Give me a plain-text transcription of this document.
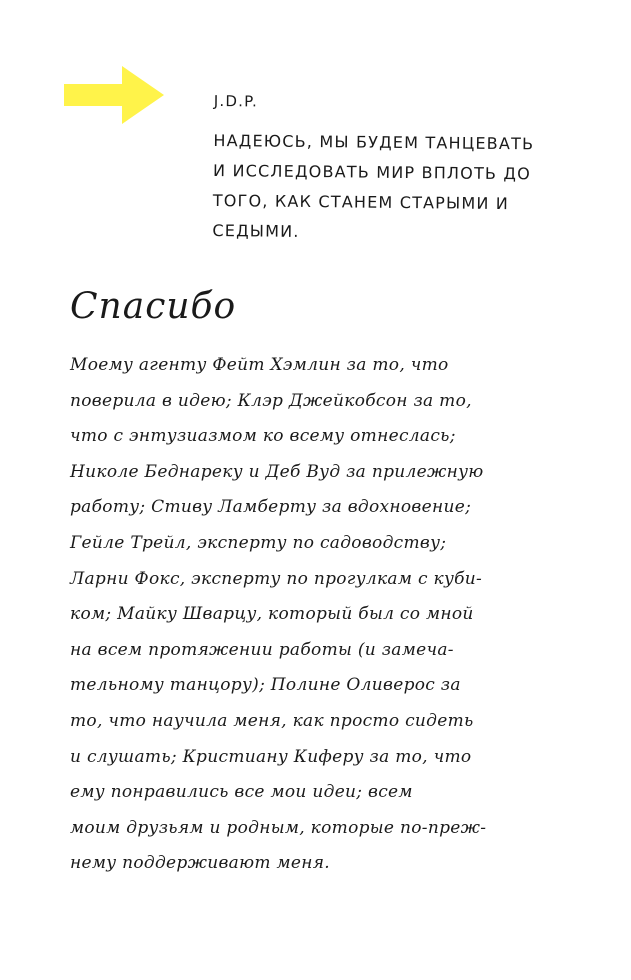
J.D.P.
НАДЕЮСЬ, МЫ БУДЕМ ТАНЦЕВАТЬ
И ИССЛЕДОВАТЬ МИР ВПЛОТЬ ДО
ТОГО, КАК СТАНЕМ СТАРЫМИ И
СЕДЫМИ.
Спасибо

Моему агенту Фейт Хэмлин за то, что
поверила в идею; Клэр Джейкобсон за то,
что с энтузиазмом ко всему отнеслась;
Николе Беднареку и Деб Вуд за прилежную
работу; Стиву Ламберту за вдохновение;
Гейле Трейл, эксперту по садоводству;
Ларни Фокс, эксперту по прогулкам с куби-
ком; Майку Шварцу, который был со мной
на всем протяжении работы (и замеча-
тельному танцору); Полине Оливерос за
то, что научила меня, как просто сидеть
и слушать; Кристиану Киферу за то, что
ему понравились все мои идеи; всем
моим друзьям и родным, которые по-преж-
нему поддерживают меня.
